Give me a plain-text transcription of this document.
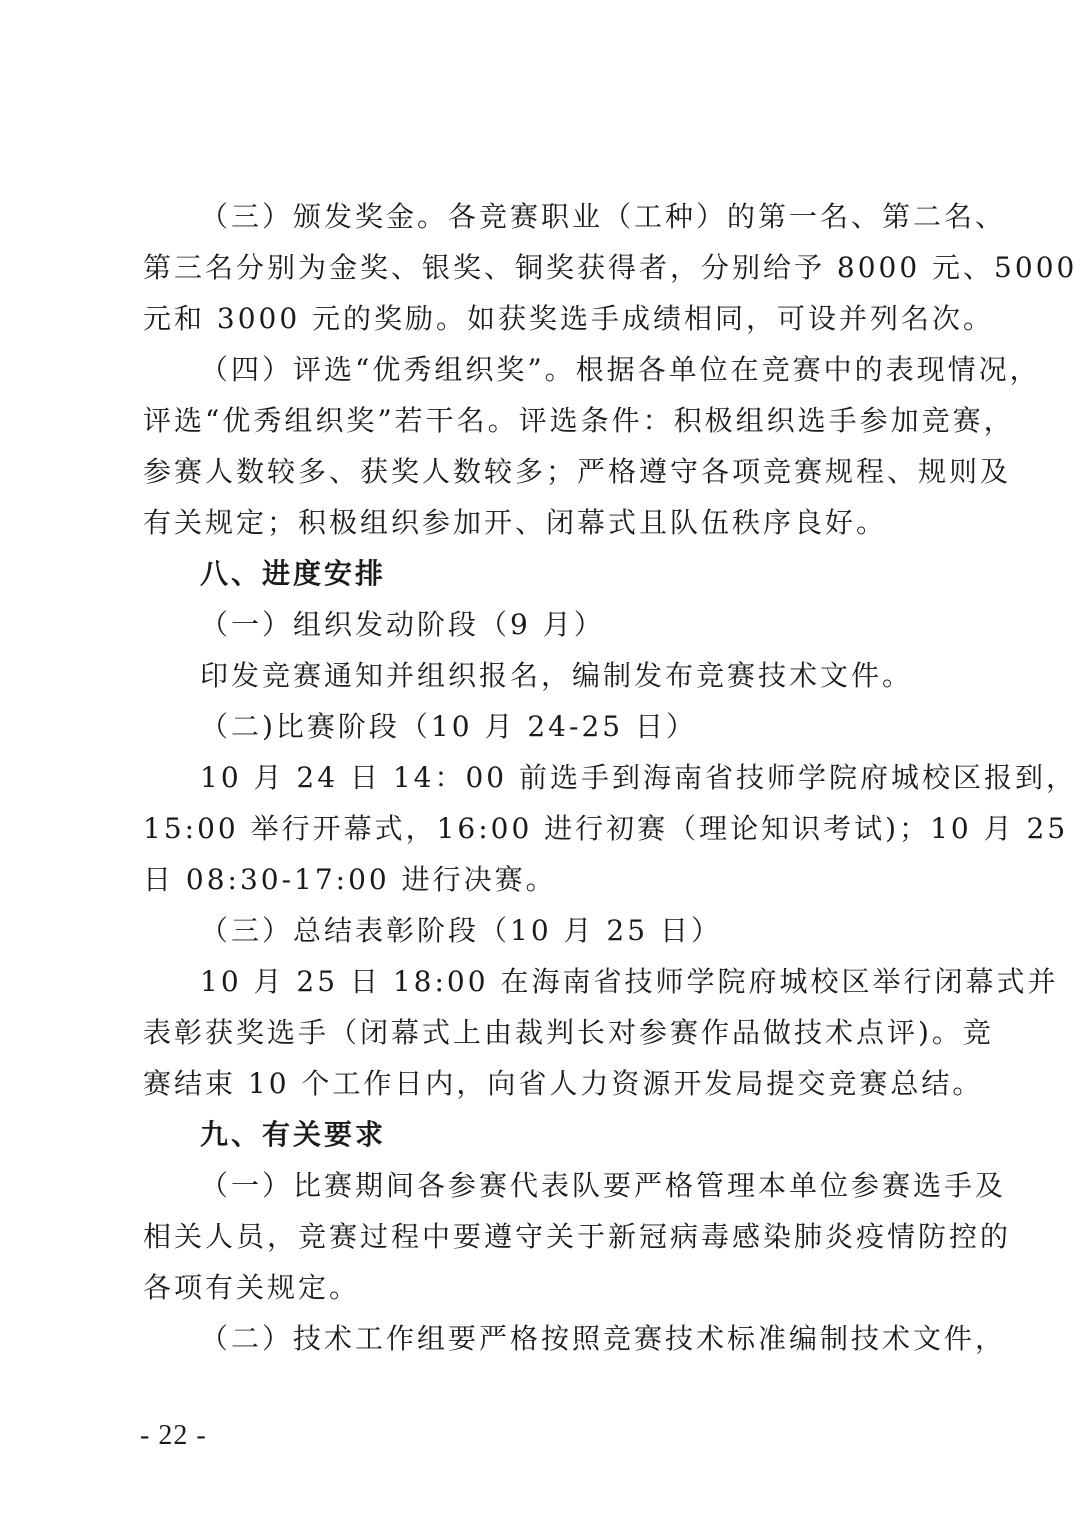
（三）颁发奖金。各竞赛职业（工种）的第一名、第二名、
第三名分别为金奖、银奖、铜奖获得者，分别给予 8000 元、5000
元和 3000 元的奖励。如获奖选手成绩相同，可设并列名次。
（四）评选“优秀组织奖”。根据各单位在竞赛中的表现情况，
评选“优秀组织奖”若干名。评选条件：积极组织选手参加竞赛，
参赛人数较多、获奖人数较多；严格遵守各项竞赛规程、规则及
有关规定；积极组织参加开、闭幕式且队伍秩序良好。
八、进度安排
（一）组织发动阶段（9 月）
印发竞赛通知并组织报名，编制发布竞赛技术文件。
（二)比赛阶段（10 月 24-25 日）
10 月 24 日 14：00 前选手到海南省技师学院府城校区报到，
15:00 举行开幕式，16:00 进行初赛（理论知识考试)；10 月 25
日 08:30-17:00 进行决赛。
（三）总结表彰阶段（10 月 25 日）
10 月 25 日 18:00 在海南省技师学院府城校区举行闭幕式并
表彰获奖选手（闭幕式上由裁判长对参赛作品做技术点评)。竞
赛结束 10 个工作日内，向省人力资源开发局提交竞赛总结。
九、有关要求
（一）比赛期间各参赛代表队要严格管理本单位参赛选手及
相关人员，竞赛过程中要遵守关于新冠病毒感染肺炎疫情防控的
各项有关规定。
（二）技术工作组要严格按照竞赛技术标准编制技术文件，
- 22 -
